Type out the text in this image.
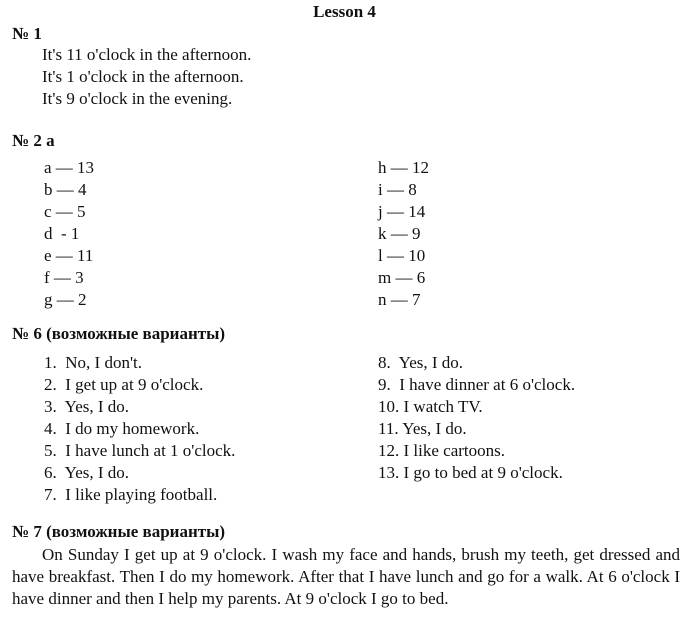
Lesson 4
№ 1
It's 11 o'clock in the afternoon.
It's 1 o'clock in the afternoon.
It's 9 o'clock in the evening.
№ 2 a
a — 13
b — 4
c — 5
d  - 1
e — 11
f — 3
g — 2
h — 12
i — 8
j — 14
k — 9
l — 10
m — 6
n — 7
№ 6 (возможные варианты)
1.  No, I don't.
2.  I get up at 9 o'clock.
3.  Yes, I do.
4.  I do my homework.
5.  I have lunch at 1 o'clock.
6.  Yes, I do.
7.  I like playing football.
8.  Yes, I do.
9.  I have dinner at 6 o'clock.
10. I watch TV.
11. Yes, I do.
12. I like cartoons.
13. I go to bed at 9 o'clock.
№ 7 (возможные варианты)
On Sunday I get up at 9 o'clock. I wash my face and hands, brush my teeth, get dressed and have breakfast. Then I do my homework. After that I have lunch and go for a walk. At 6 o'clock I have dinner and then I help my parents. At 9 o'clock I go to bed.
